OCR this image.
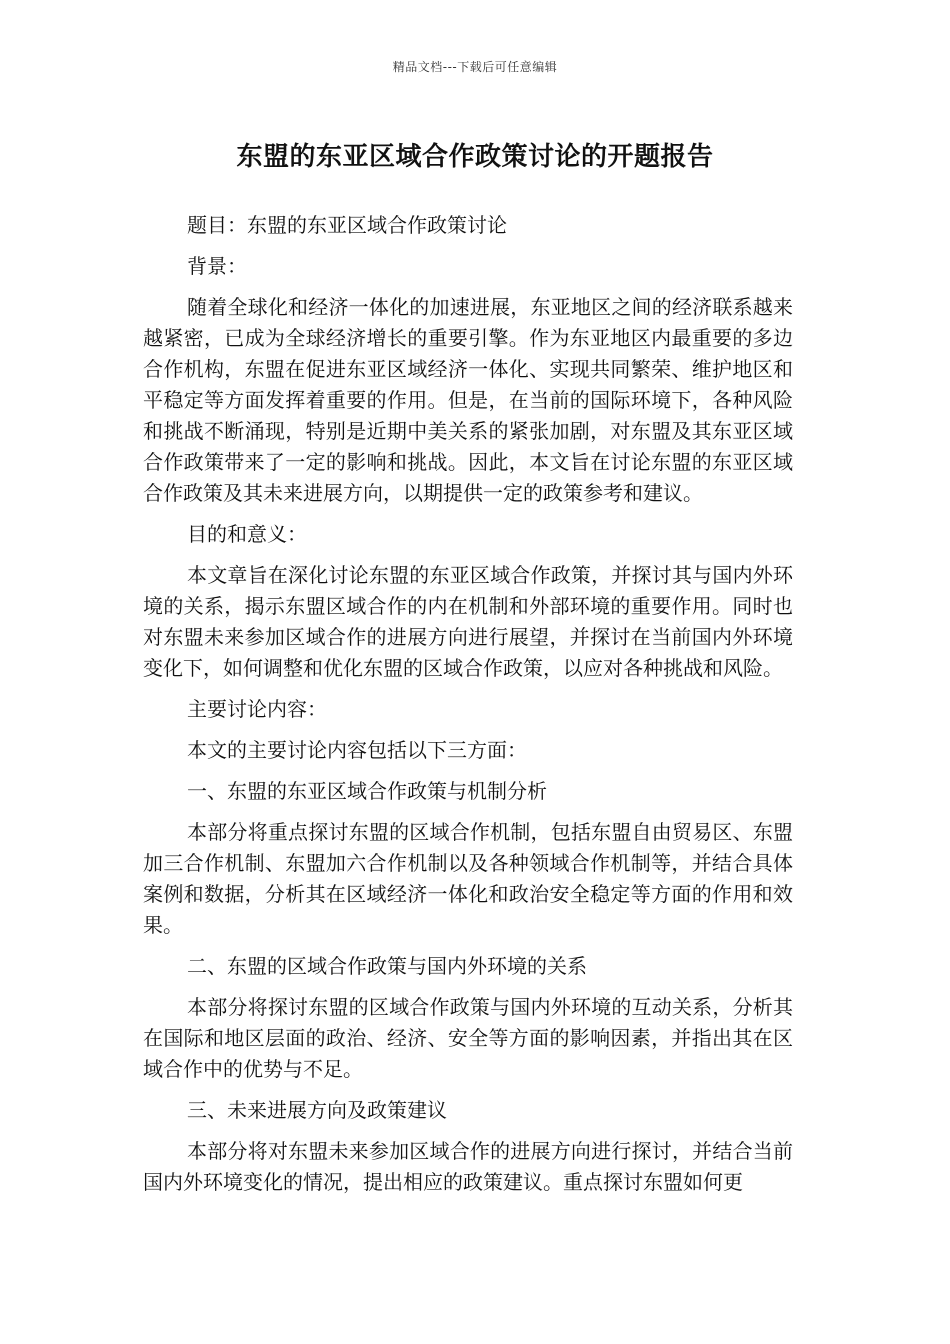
精品文档---下载后可任意编辑
东盟的东亚区域合作政策讨论的开题报告

题目：东盟的东亚区域合作政策讨论

背景：

随着全球化和经济一体化的加速进展，东亚地区之间的经济联系越来越紧密，已成为全球经济增长的重要引擎。作为东亚地区内最重要的多边合作机构，东盟在促进东亚区域经济一体化、实现共同繁荣、维护地区和平稳定等方面发挥着重要的作用。但是，在当前的国际环境下，各种风险和挑战不断涌现，特别是近期中美关系的紧张加剧，对东盟及其东亚区域合作政策带来了一定的影响和挑战。因此，本文旨在讨论东盟的东亚区域合作政策及其未来进展方向，以期提供一定的政策参考和建议。

目的和意义：

本文章旨在深化讨论东盟的东亚区域合作政策，并探讨其与国内外环境的关系，揭示东盟区域合作的内在机制和外部环境的重要作用。同时也对东盟未来参加区域合作的进展方向进行展望，并探讨在当前国内外环境变化下，如何调整和优化东盟的区域合作政策，以应对各种挑战和风险。

主要讨论内容：

本文的主要讨论内容包括以下三方面：

一、东盟的东亚区域合作政策与机制分析

本部分将重点探讨东盟的区域合作机制，包括东盟自由贸易区、东盟加三合作机制、东盟加六合作机制以及各种领域合作机制等，并结合具体案例和数据，分析其在区域经济一体化和政治安全稳定等方面的作用和效果。

二、东盟的区域合作政策与国内外环境的关系

本部分将探讨东盟的区域合作政策与国内外环境的互动关系，分析其在国际和地区层面的政治、经济、安全等方面的影响因素，并指出其在区域合作中的优势与不足。

三、未来进展方向及政策建议

本部分将对东盟未来参加区域合作的进展方向进行探讨，并结合当前国内外环境变化的情况，提出相应的政策建议。重点探讨东盟如何更
